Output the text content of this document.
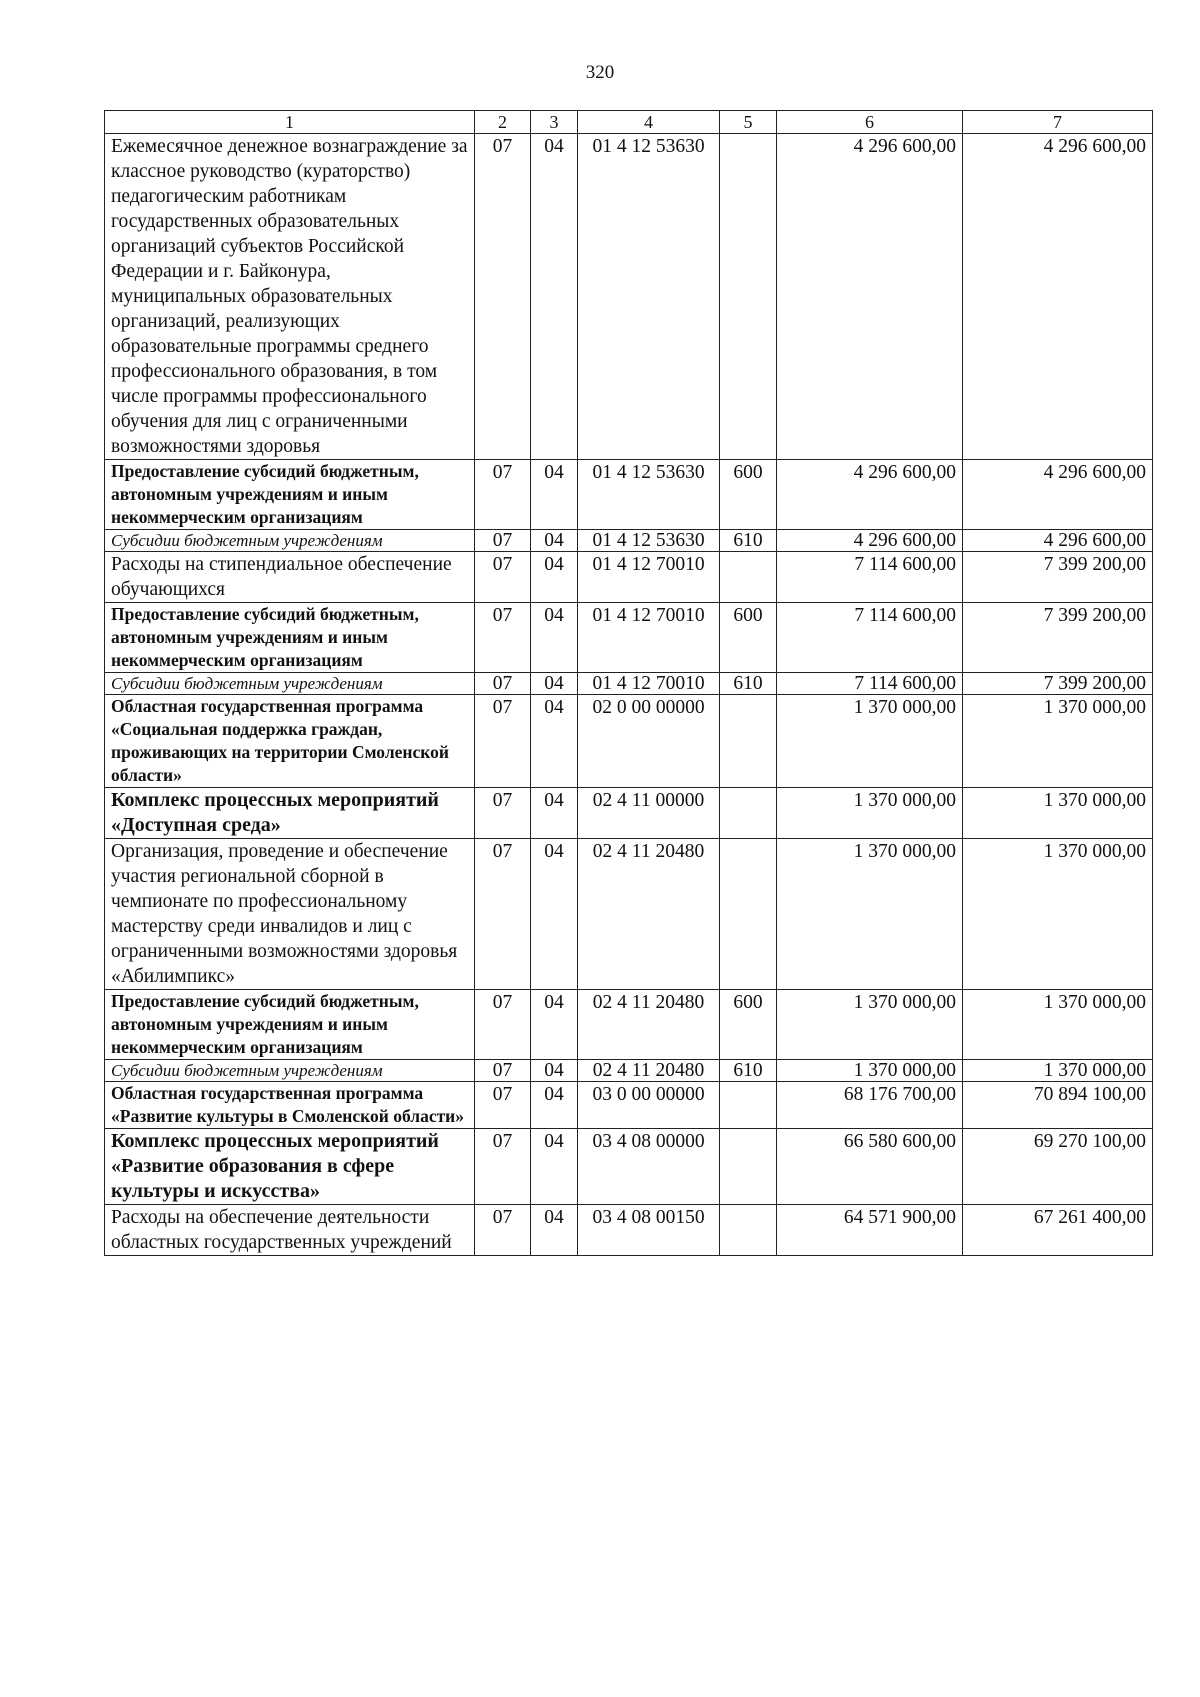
320
1	2	3	4	5	6	7
Ежемесячное денежное вознаграждение за классное руководство (кураторство) педагогическим работникам государственных образовательных организаций субъектов Российской Федерации и г. Байконура, муниципальных образовательных организаций, реализующих образовательные программы среднего профессионального образования, в том числе программы профессионального обучения для лиц с ограниченными возможностями здоровья	07	04	01 4 12 53630		4 296 600,00	4 296 600,00
Предоставление субсидий бюджетным, автономным учреждениям и иным некоммерческим организациям	07	04	01 4 12 53630	600	4 296 600,00	4 296 600,00
Субсидии бюджетным учреждениям	07	04	01 4 12 53630	610	4 296 600,00	4 296 600,00
Расходы на стипендиальное обеспечение обучающихся	07	04	01 4 12 70010		7 114 600,00	7 399 200,00
Предоставление субсидий бюджетным, автономным учреждениям и иным некоммерческим организациям	07	04	01 4 12 70010	600	7 114 600,00	7 399 200,00
Субсидии бюджетным учреждениям	07	04	01 4 12 70010	610	7 114 600,00	7 399 200,00
Областная государственная программа «Социальная поддержка граждан, проживающих на территории Смоленской области»	07	04	02 0 00 00000		1 370 000,00	1 370 000,00
Комплекс процессных мероприятий «Доступная среда»	07	04	02 4 11 00000		1 370 000,00	1 370 000,00
Организация, проведение и обеспечение участия региональной сборной в чемпионате по профессиональному мастерству среди инвалидов и лиц с ограниченными возможностями здоровья «Абилимпикс»	07	04	02 4 11 20480		1 370 000,00	1 370 000,00
Предоставление субсидий бюджетным, автономным учреждениям и иным некоммерческим организациям	07	04	02 4 11 20480	600	1 370 000,00	1 370 000,00
Субсидии бюджетным учреждениям	07	04	02 4 11 20480	610	1 370 000,00	1 370 000,00
Областная государственная программа «Развитие культуры в Смоленской области»	07	04	03 0 00 00000		68 176 700,00	70 894 100,00
Комплекс процессных мероприятий «Развитие образования в сфере культуры и искусства»	07	04	03 4 08 00000		66 580 600,00	69 270 100,00
Расходы на обеспечение деятельности областных государственных учреждений	07	04	03 4 08 00150		64 571 900,00	67 261 400,00
